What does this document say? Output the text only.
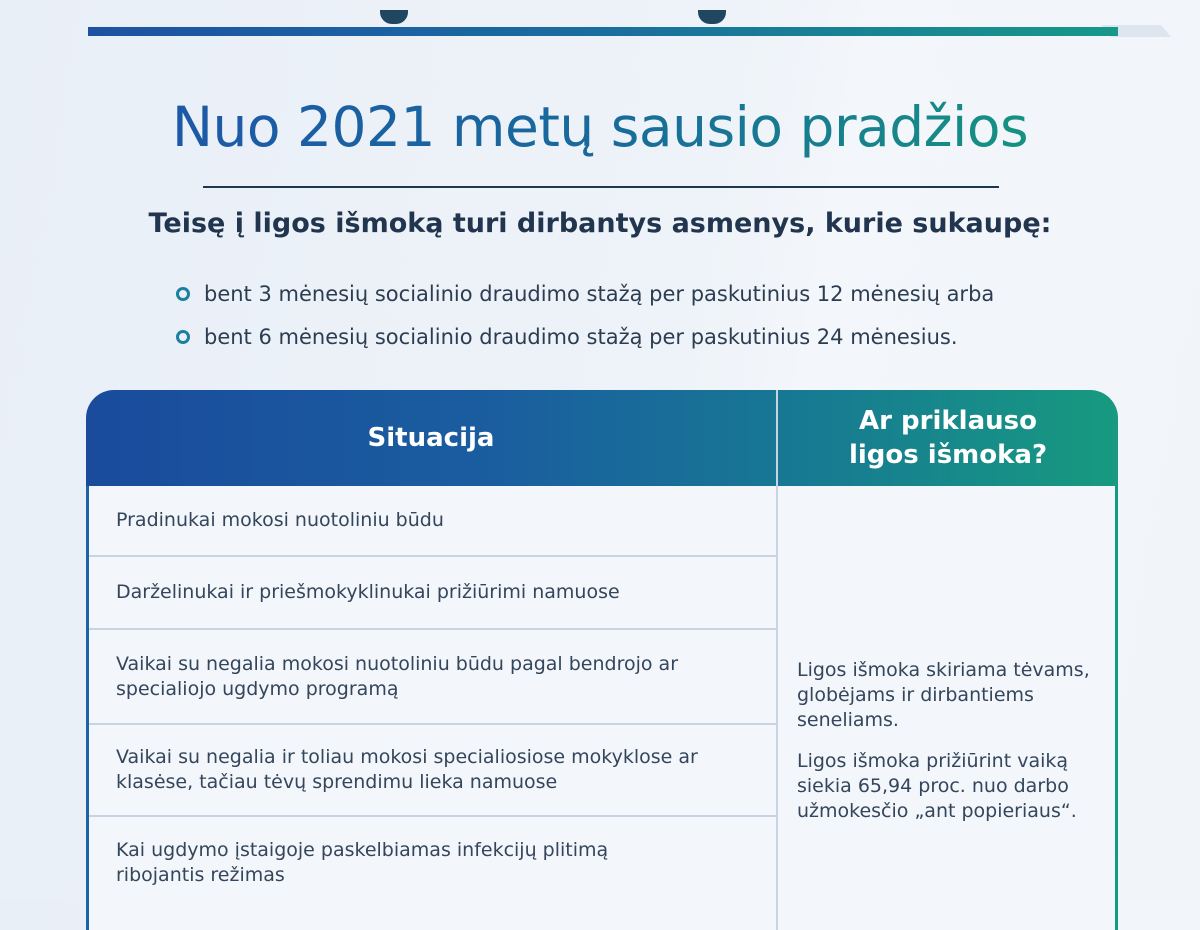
Nuo 2021 metų sausio pradžios

Teisę į ligos išmoką turi dirbantys asmenys, kurie sukaupę:

bent 3 mėnesių socialinio draudimo stažą per paskutinius 12 mėnesių arba
bent 6 mėnesių socialinio draudimo stažą per paskutinius 24 mėnesius.
Situacija
Ar priklauso ligos išmoka?
Pradinukai mokosi nuotoliniu būdu
Darželinukai ir priešmokyklinukai prižiūrimi namuose
Vaikai su negalia mokosi nuotoliniu būdu pagal bendrojo ar specialiojo ugdymo programą
Vaikai su negalia ir toliau mokosi specialiosiose mokyklose ar klasėse, tačiau tėvų sprendimu lieka namuose
Kai ugdymo įstaigoje paskelbiamas infekcijų plitimą ribojantis režimas

Ligos išmoka skiriama tėvams, globėjams ir dirbantiems seneliams.

Ligos išmoka prižiūrint vaiką siekia 65,94 proc. nuo darbo užmokesčio „ant popieriaus“.
